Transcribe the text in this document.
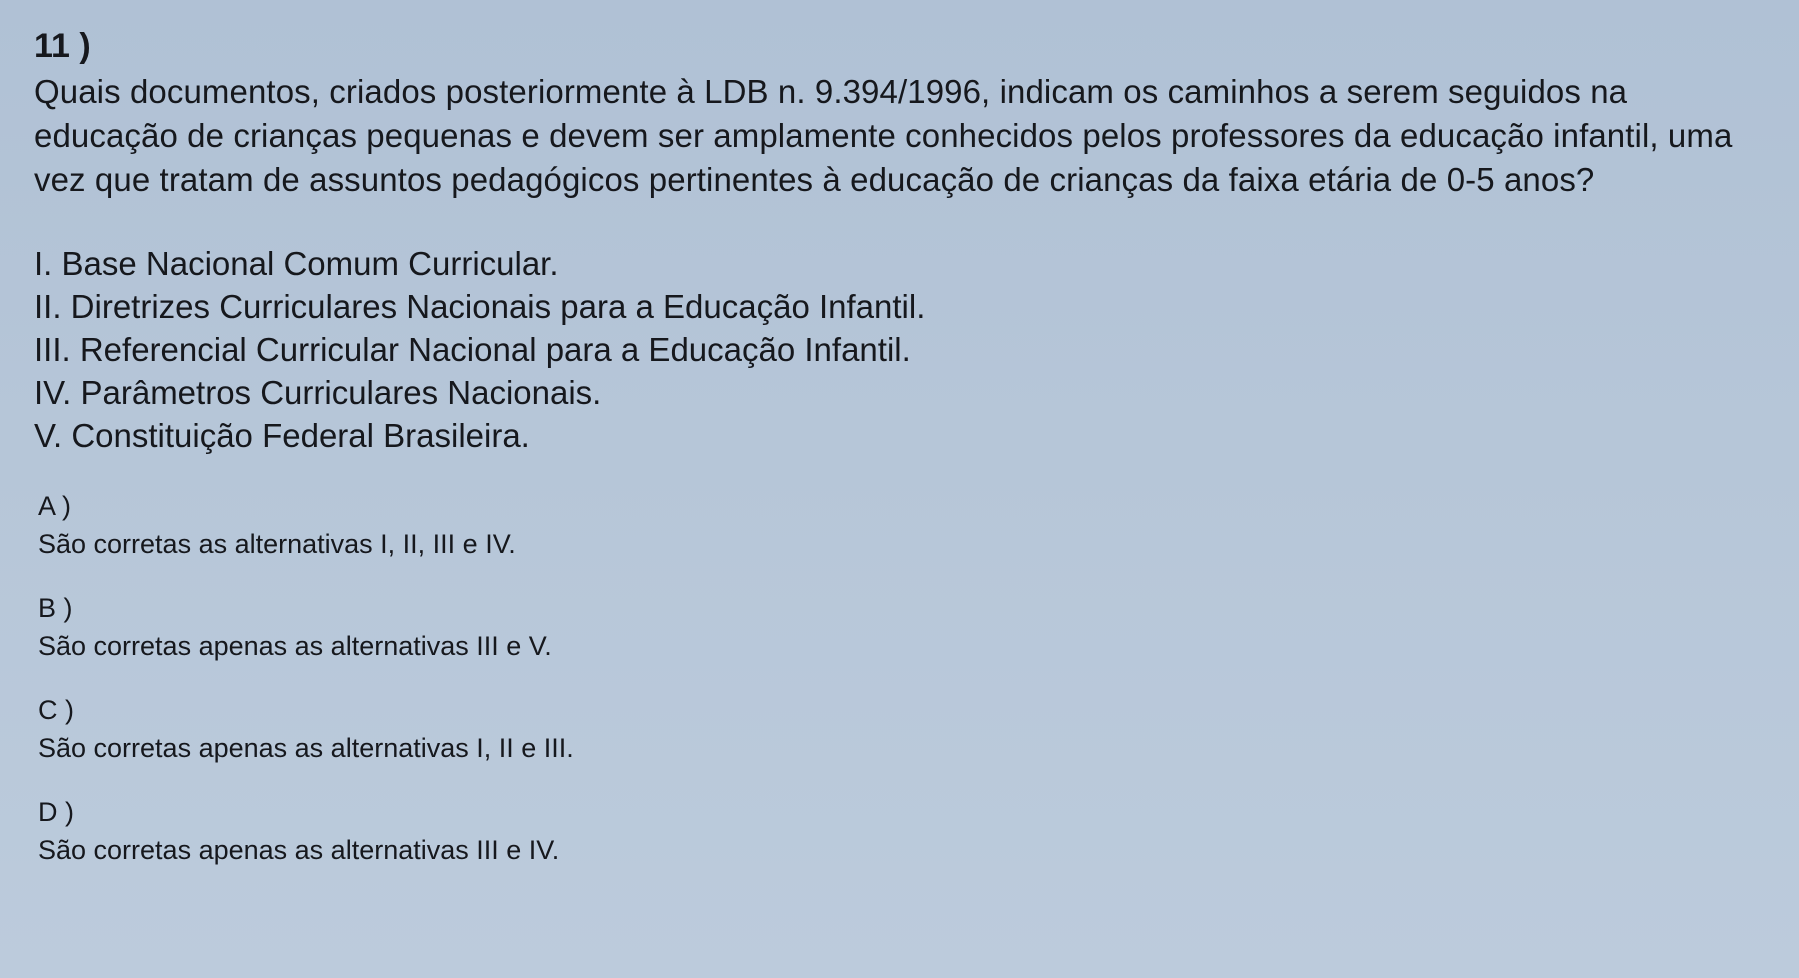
11 )
Quais documentos, criados posteriormente à LDB n. 9.394/1996, indicam os caminhos a serem seguidos na educação de crianças pequenas e devem ser amplamente conhecidos pelos professores da educação infantil, uma vez que tratam de assuntos pedagógicos pertinentes à educação de crianças da faixa etária de 0-5 anos?
I. Base Nacional Comum Curricular.
II. Diretrizes Curriculares Nacionais para a Educação Infantil.
III. Referencial Curricular Nacional para a Educação Infantil.
IV. Parâmetros Curriculares Nacionais.
V. Constituição Federal Brasileira.
A )
São corretas as alternativas I, II, III e IV.
B )
São corretas apenas as alternativas III e V.
C )
São corretas apenas as alternativas I, II e III.
D )
São corretas apenas as alternativas III e IV.
